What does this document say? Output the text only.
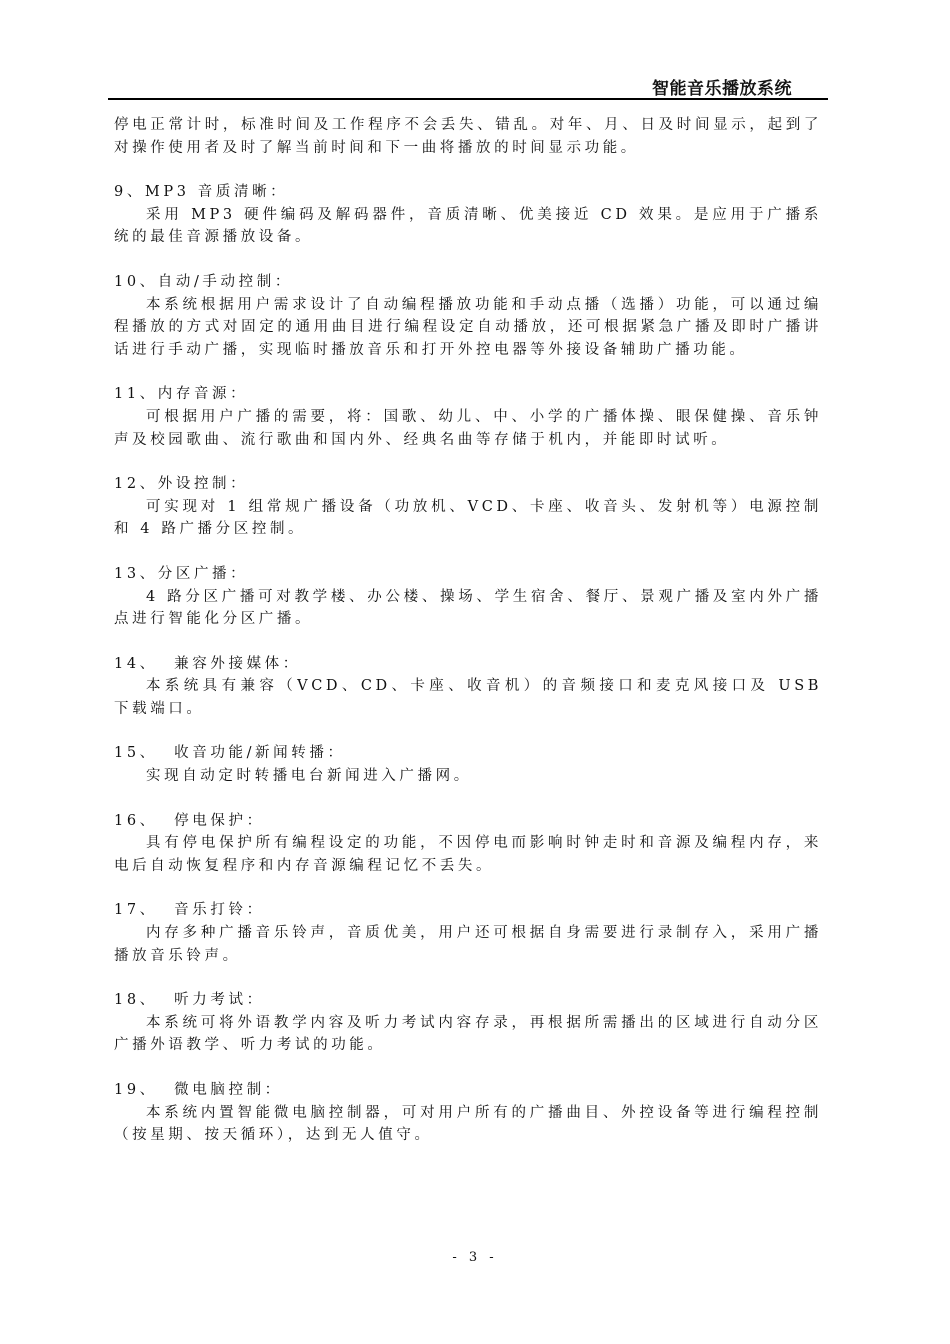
智能音乐播放系统

停电正常计时，标准时间及工作程序不会丢失、错乱。对年、月、日及时间显示，起到了对操作使用者及时了解当前时间和下一曲将播放的时间显示功能。

9、MP3 音质清晰：

采用 MP3 硬件编码及解码器件，音质清晰、优美接近 CD 效果。是应用于广播系统的最佳音源播放设备。

10、自动/手动控制：

本系统根据用户需求设计了自动编程播放功能和手动点播（选播）功能，可以通过编程播放的方式对固定的通用曲目进行编程设定自动播放，还可根据紧急广播及即时广播讲话进行手动广播，实现临时播放音乐和打开外控电器等外接设备辅助广播功能。

11、内存音源：

可根据用户广播的需要，将：国歌、幼儿、中、小学的广播体操、眼保健操、音乐钟声及校园歌曲、流行歌曲和国内外、经典名曲等存储于机内，并能即时试听。

12、外设控制：

可实现对 1 组常规广播设备（功放机、VCD、卡座、收音头、发射机等）电源控制和 4 路广播分区控制。

13、分区广播：

4 路分区广播可对教学楼、办公楼、操场、学生宿舍、餐厅、景观广播及室内外广播点进行智能化分区广播。

14、  兼容外接媒体：

本系统具有兼容（VCD、CD、卡座、收音机）的音频接口和麦克风接口及 USB 下载端口。

15、  收音功能/新闻转播：

实现自动定时转播电台新闻进入广播网。

16、  停电保护：

具有停电保护所有编程设定的功能，不因停电而影响时钟走时和音源及编程内存，来电后自动恢复程序和内存音源编程记忆不丢失。

17、  音乐打铃：

内存多种广播音乐铃声，音质优美，用户还可根据自身需要进行录制存入，采用广播播放音乐铃声。

18、  听力考试：

本系统可将外语教学内容及听力考试内容存录，再根据所需播出的区域进行自动分区广播外语教学、听力考试的功能。

19、  微电脑控制：

本系统内置智能微电脑控制器，可对用户所有的广播曲目、外控设备等进行编程控制（按星期、按天循环），达到无人值守。

- 3 -
